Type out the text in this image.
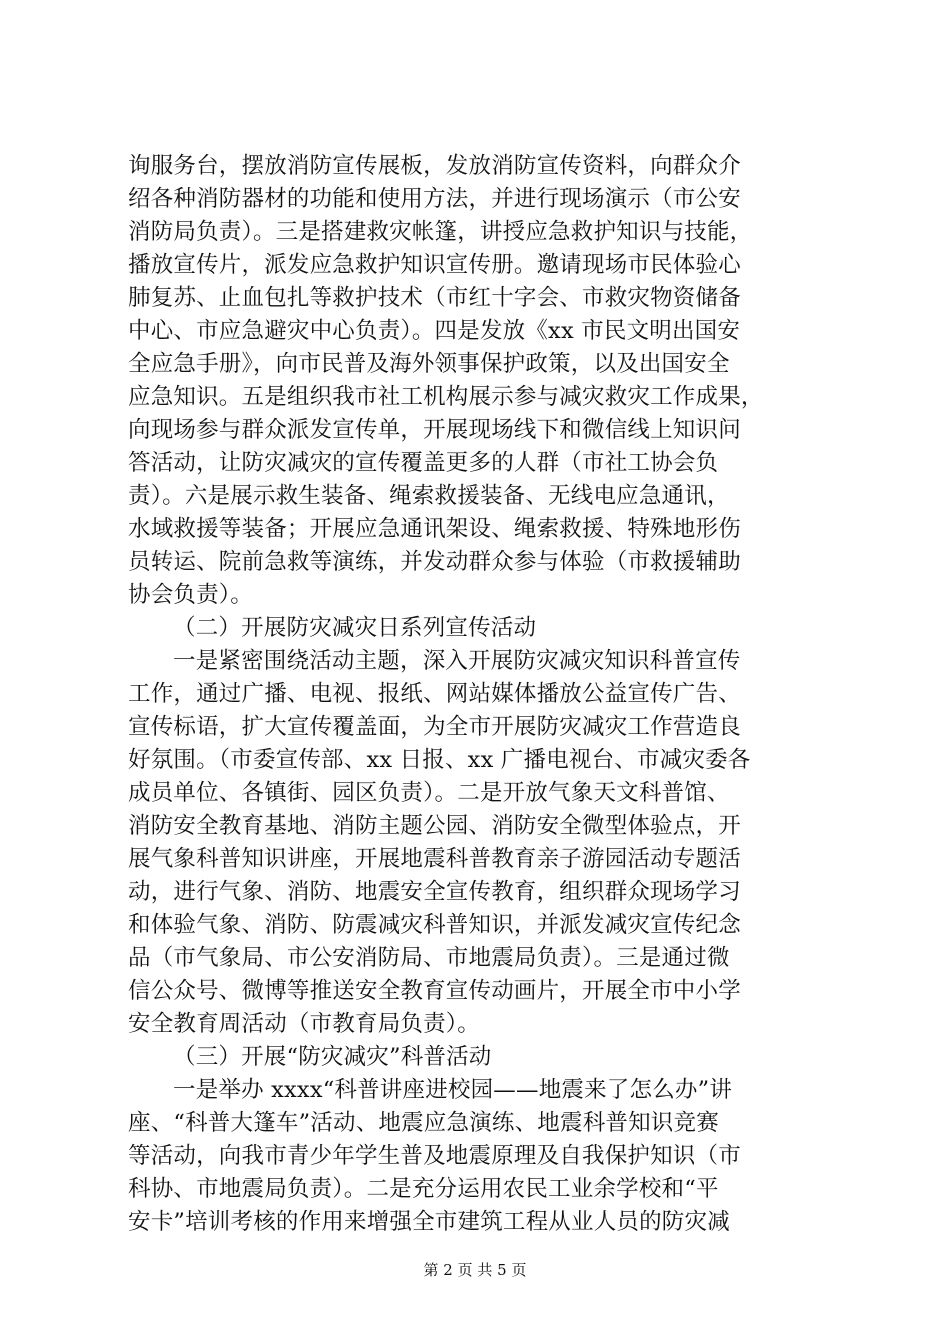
询服务台，摆放消防宣传展板，发放消防宣传资料，向群众介
绍各种消防器材的功能和使用方法，并进行现场演示（市公安
消防局负责）。三是搭建救灾帐篷，讲授应急救护知识与技能，
播放宣传片，派发应急救护知识宣传册。邀请现场市民体验心
肺复苏、止血包扎等救护技术（市红十字会、市救灾物资储备
中心、市应急避灾中心负责）。四是发放《xx 市民文明出国安
全应急手册》，向市民普及海外领事保护政策，以及出国安全
应急知识。五是组织我市社工机构展示参与减灾救灾工作成果，
向现场参与群众派发宣传单，开展现场线下和微信线上知识问
答活动，让防灾减灾的宣传覆盖更多的人群（市社工协会负
责）。六是展示救生装备、绳索救援装备、无线电应急通讯，
水域救援等装备；开展应急通讯架设、绳索救援、特殊地形伤
员转运、院前急救等演练，并发动群众参与体验（市救援辅助
协会负责）。
（二）开展防灾减灾日系列宣传活动
一是紧密围绕活动主题，深入开展防灾减灾知识科普宣传
工作，通过广播、电视、报纸、网站媒体播放公益宣传广告、
宣传标语，扩大宣传覆盖面，为全市开展防灾减灾工作营造良
好氛围。（市委宣传部、xx 日报、xx 广播电视台、市减灾委各
成员单位、各镇街、园区负责）。二是开放气象天文科普馆、
消防安全教育基地、消防主题公园、消防安全微型体验点，开
展气象科普知识讲座，开展地震科普教育亲子游园活动专题活
动，进行气象、消防、地震安全宣传教育，组织群众现场学习
和体验气象、消防、防震减灾科普知识，并派发减灾宣传纪念
品（市气象局、市公安消防局、市地震局负责）。三是通过微
信公众号、微博等推送安全教育宣传动画片，开展全市中小学
安全教育周活动（市教育局负责）。
（三）开展“防灾减灾”科普活动
一是举办 xxxx“科普讲座进校园——地震来了怎么办”讲
座、“科普大篷车”活动、地震应急演练、地震科普知识竞赛
等活动，向我市青少年学生普及地震原理及自我保护知识（市
科协、市地震局负责）。二是充分运用农民工业余学校和“平
安卡”培训考核的作用来增强全市建筑工程从业人员的防灾减
第 2 页 共 5 页
